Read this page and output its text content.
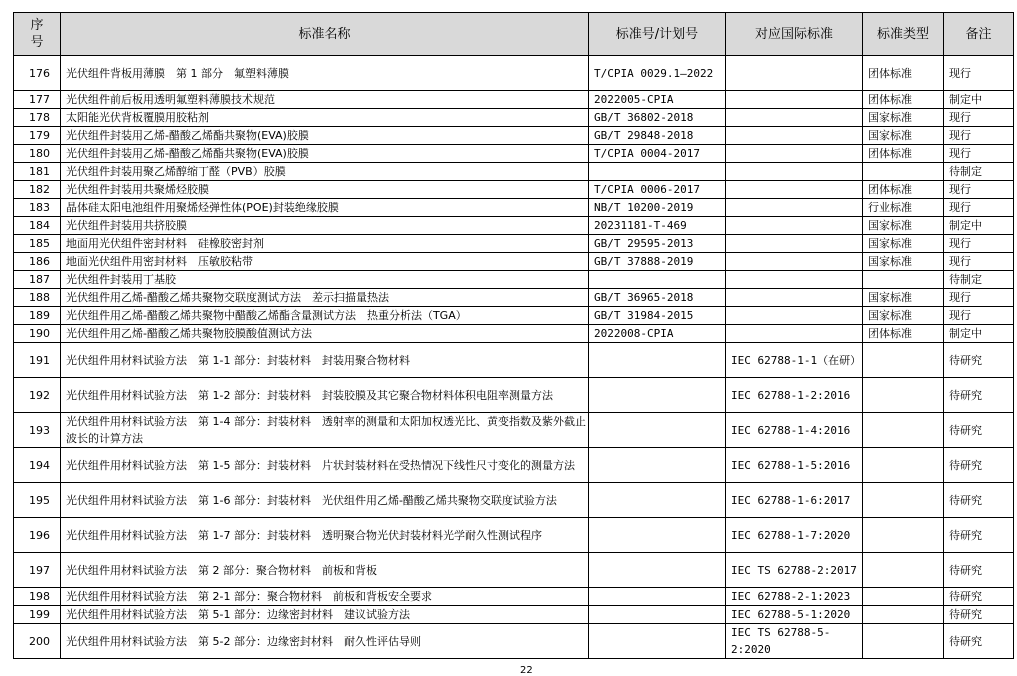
序号	标准名称	标准号/计划号	对应国际标准	标准类型	备注
176	光伏组件背板用薄膜　第 1 部分　氟塑料薄膜	T/CPIA 0029.1—2022		团体标准	现行
177	光伏组件前后板用透明氟塑料薄膜技术规范	2022005-CPIA		团体标准	制定中
178	太阳能光伏背板覆膜用胶粘剂	GB/T 36802-2018		国家标准	现行
179	光伏组件封装用乙烯-醋酸乙烯酯共聚物(EVA)胶膜	GB/T 29848-2018		国家标准	现行
180	光伏组件封装用乙烯-醋酸乙烯酯共聚物(EVA)胶膜	T/CPIA 0004-2017		团体标准	现行
181	光伏组件封装用聚乙烯醇缩丁醛（PVB）胶膜				待制定
182	光伏组件封装用共聚烯烃胶膜	T/CPIA 0006-2017		团体标准	现行
183	晶体硅太阳电池组件用聚烯烃弹性体(POE)封装绝缘胶膜	NB/T 10200-2019		行业标准	现行
184	光伏组件封装用共挤胶膜	20231181-T-469		国家标准	制定中
185	地面用光伏组件密封材料　硅橡胶密封剂	GB/T 29595-2013		国家标准	现行
186	地面光伏组件用密封材料　压敏胶粘带	GB/T 37888-2019		国家标准	现行
187	光伏组件封装用丁基胶				待制定
188	光伏组件用乙烯-醋酸乙烯共聚物交联度测试方法　差示扫描量热法	GB/T 36965-2018		国家标准	现行
189	光伏组件用乙烯-醋酸乙烯共聚物中醋酸乙烯酯含量测试方法　热重分析法（TGA）	GB/T 31984-2015		国家标准	现行
190	光伏组件用乙烯-醋酸乙烯共聚物胶膜酸值测试方法	2022008-CPIA		团体标准	制定中
191	光伏组件用材料试验方法　第 1-1 部分：封装材料　封装用聚合物材料		IEC 62788-1-1（在研）		待研究
192	光伏组件用材料试验方法　第 1-2 部分：封装材料　封装胶膜及其它聚合物材料体积电阻率测量方法		IEC 62788-1-2:2016		待研究
193	光伏组件用材料试验方法　第 1-4 部分：封装材料　透射率的测量和太阳加权透光比、黄变指数及紫外截止波长的计算方法		IEC 62788-1-4:2016		待研究
194	光伏组件用材料试验方法　第 1-5 部分：封装材料　片状封装材料在受热情况下线性尺寸变化的测量方法		IEC 62788-1-5:2016		待研究
195	光伏组件用材料试验方法　第 1-6 部分：封装材料　光伏组件用乙烯-醋酸乙烯共聚物交联度试验方法		IEC 62788-1-6:2017		待研究
196	光伏组件用材料试验方法　第 1-7 部分：封装材料　透明聚合物光伏封装材料光学耐久性测试程序		IEC 62788-1-7:2020		待研究
197	光伏组件用材料试验方法　第 2 部分：聚合物材料　前板和背板		IEC TS 62788-2:2017		待研究
198	光伏组件用材料试验方法　第 2-1 部分：聚合物材料　前板和背板安全要求		IEC 62788-2-1:2023		待研究
199	光伏组件用材料试验方法　第 5-1 部分：边缘密封材料　建议试验方法		IEC 62788-5-1:2020		待研究
200	光伏组件用材料试验方法　第 5-2 部分：边缘密封材料　耐久性评估导则		IEC TS 62788-5-2:2020		待研究
22
